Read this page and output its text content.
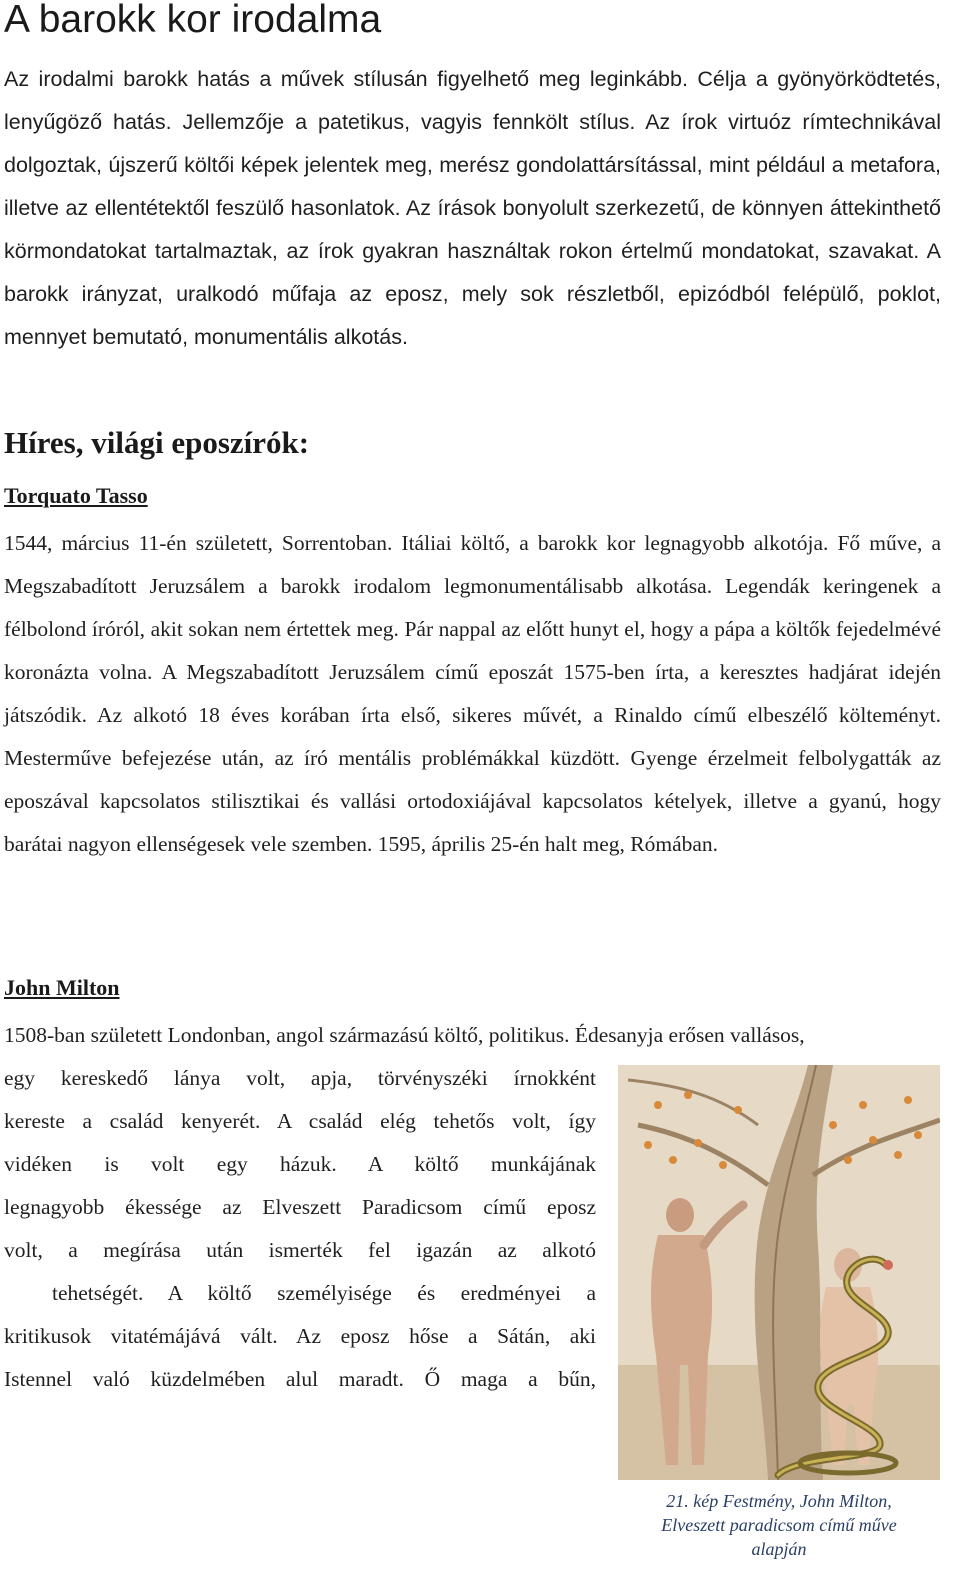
A barokk kor irodalma

Az irodalmi barokk hatás a művek stílusán figyelhető meg leginkább. Célja a gyönyörködtetés, lenyűgöző hatás. Jellemzője a patetikus, vagyis fennkölt stílus. Az írok virtuóz rímtechnikával dolgoztak, újszerű költői képek jelentek meg, merész gondolattársítással, mint például a metafora, illetve az ellentétektől feszülő hasonlatok. Az írások bonyolult szerkezetű, de könnyen áttekinthető körmondatokat tartalmaztak, az írok gyakran használtak rokon értelmű mondatokat, szavakat. A barokk irányzat, uralkodó műfaja az eposz, mely sok részletből, epizódból felépülő, poklot, mennyet bemutató, monumentális alkotás.

Híres, világi eposzírók:
Torquato Tasso

1544, március 11-én született, Sorrentoban. Itáliai költő, a barokk kor legnagyobb alkotója. Fő műve, a Megszabadított Jeruzsálem a barokk irodalom legmonumentálisabb alkotása. Legendák keringenek a félbolond íróról, akit sokan nem értettek meg. Pár nappal az előtt hunyt el, hogy a pápa a költők fejedelmévé koronázta volna. A Megszabadított Jeruzsálem című eposzát 1575-ben írta, a keresztes hadjárat idején játszódik. Az alkotó 18 éves korában írta első, sikeres művét, a Rinaldo című elbeszélő költeményt. Mesterműve befejezése után, az író mentális problémákkal küzdött. Gyenge érzelmeit felbolygatták az eposzával kapcsolatos stilisztikai és vallási ortodoxiájával kapcsolatos kételyek, illetve a gyanú, hogy barátai nagyon ellenségesek vele szemben. 1595, április 25-én halt meg, Rómában.

John Milton

1508-ban született Londonban, angol származású költő, politikus. Édesanyja erősen vallásos,

egy kereskedő lánya volt, apja, törvényszéki írnokként
kereste a család kenyerét. A család elég tehetős volt, így
vidéken is volt egy házuk. A költő munkájának
legnagyobb ékessége az Elveszett Paradicsom című eposz
volt, a megírása után ismerték fel igazán az alkotó
tehetségét. A költő személyisége és eredményei a
kritikusok vitatémájává vált. Az eposz hőse a Sátán, aki
Istennel való küzdelmében alul maradt. Ő maga a bűn,
21. kép Festmény, John Milton,
Elveszett paradicsom című műve
alapján
